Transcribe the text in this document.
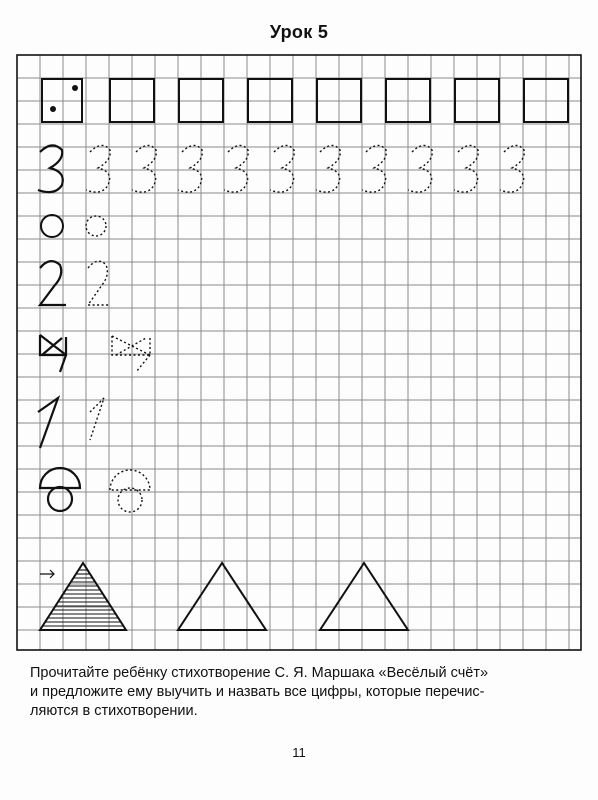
Урок 5

Прочитайте ребёнку стихотворение С. Я. Маршака «Весёлый счёт»
и предложите ему выучить и назвать все цифры, которые перечис-
ляются в стихотворении.

11
